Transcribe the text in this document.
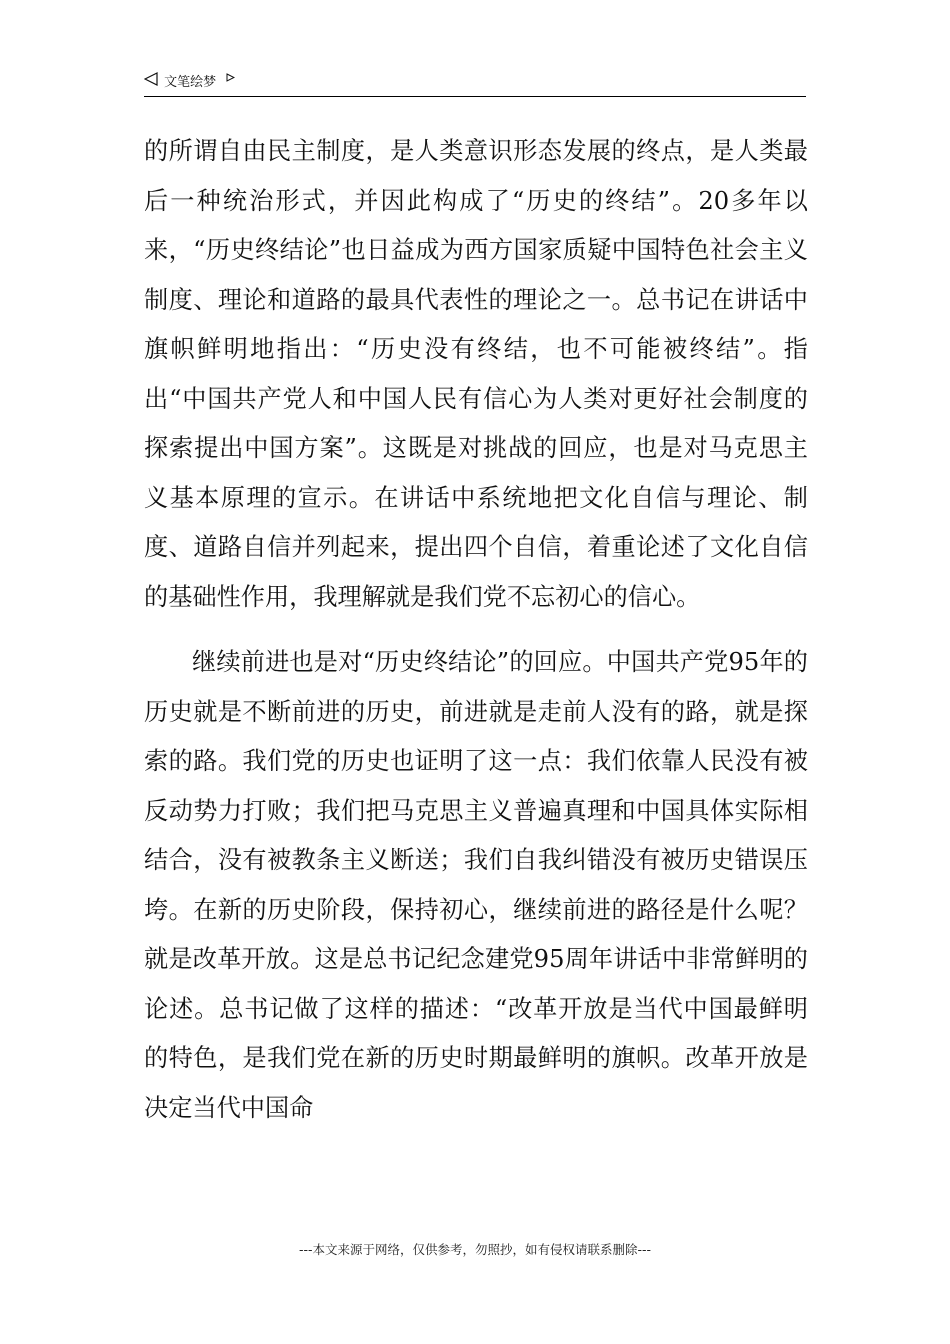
文笔绘梦

的所谓自由民主制度，是人类意识形态发展的终点，是人类最后一种统治形式，并因此构成了“历史的终结”。20多年以来，“历史终结论”也日益成为西方国家质疑中国特色社会主义制度、理论和道路的最具代表性的理论之一。总书记在讲话中旗帜鲜明地指出：“历史没有终结，也不可能被终结”。指出“中国共产党人和中国人民有信心为人类对更好社会制度的探索提出中国方案”。这既是对挑战的回应，也是对马克思主义基本原理的宣示。在讲话中系统地把文化自信与理论、制度、道路自信并列起来，提出四个自信，着重论述了文化自信的基础性作用，我理解就是我们党不忘初心的信心。

继续前进也是对“历史终结论”的回应。中国共产党95年的历史就是不断前进的历史，前进就是走前人没有的路，就是探索的路。我们党的历史也证明了这一点：我们依靠人民没有被反动势力打败；我们把马克思主义普遍真理和中国具体实际相结合，没有被教条主义断送；我们自我纠错没有被历史错误压垮。在新的历史阶段，保持初心，继续前进的路径是什么呢？就是改革开放。这是总书记纪念建党95周年讲话中非常鲜明的论述。总书记做了这样的描述：“改革开放是当代中国最鲜明的特色，是我们党在新的历史时期最鲜明的旗帜。改革开放是决定当代中国命

---本文来源于网络，仅供参考，勿照抄，如有侵权请联系删除---
